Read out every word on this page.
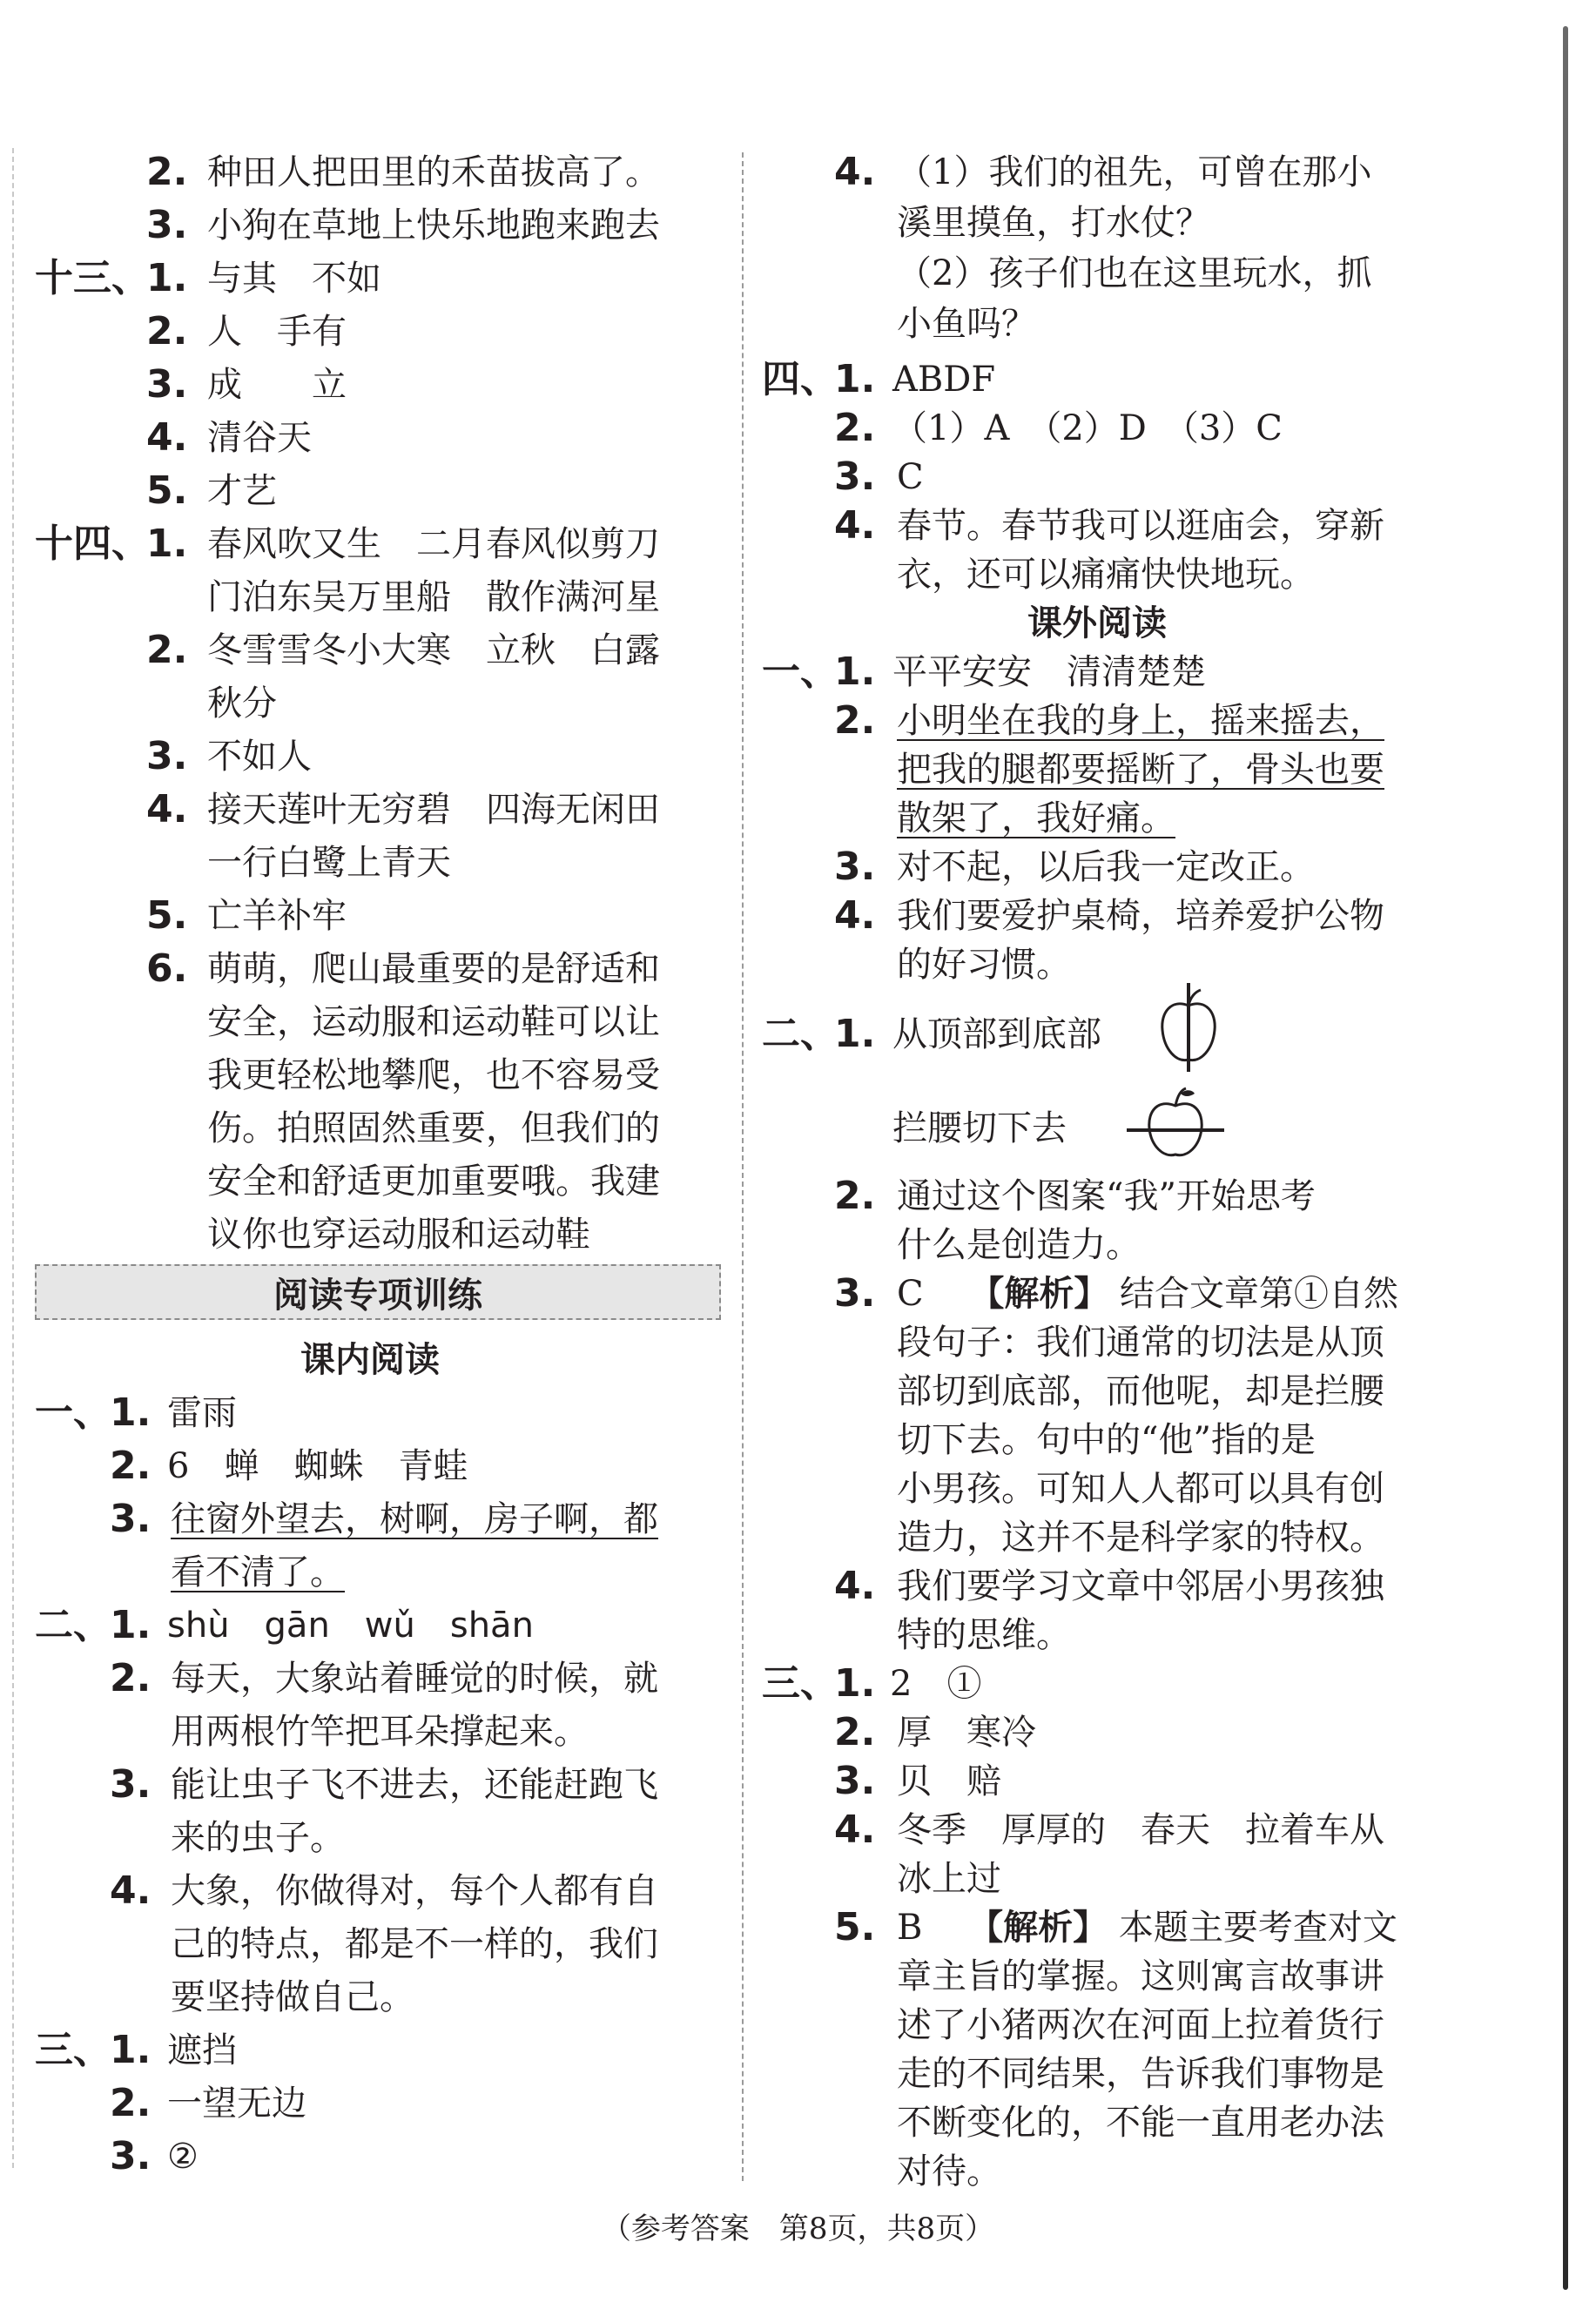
2. 种田人把田里的禾苗拔高了。
3. 小狗在草地上快乐地跑来跑去
十三、
1. 与其　不如
2. 人　手有
3. 成　　立
4. 清谷天
5. 才艺
十四、
1. 春风吹又生　二月春风似剪刀
门泊东吴万里船　散作满河星
2. 冬雪雪冬小大寒　立秋　白露
秋分
3. 不如人
4. 接天莲叶无穷碧　四海无闲田
一行白鹭上青天
5. 亡羊补牢
6. 萌萌，爬山最重要的是舒适和
安全，运动服和运动鞋可以让
我更轻松地攀爬，也不容易受
伤。拍照固然重要，但我们的
安全和舒适更加重要哦。我建
议你也穿运动服和运动鞋
阅读专项训练
课内阅读
一、
1. 雷雨
2. 6　蝉　蜘蛛　青蛙
3. 往窗外望去，树啊，房子啊，都
看不清了。
二、
1. shù　gān　wǔ　shān
2. 每天，大象站着睡觉的时候，就
用两根竹竿把耳朵撑起来。
3. 能让虫子飞不进去，还能赶跑飞
来的虫子。
4. 大象，你做得对，每个人都有自
己的特点，都是不一样的，我们
要坚持做自己。
三、
1. 遮挡
2. 一望无边
3. ②
4. （1）我们的祖先，可曾在那小
溪里摸鱼，打水仗？
（2）孩子们也在这里玩水，抓
小鱼吗？
四、
1. ABDF
2. （1）A　（2）D　（3）C
3. C
4. 春节。春节我可以逛庙会，穿新
衣，还可以痛痛快快地玩。
课外阅读
一、
1. 平平安安　清清楚楚
2. 小明坐在我的身上，摇来摇去，
把我的腿都要摇断了，骨头也要
散架了，我好痛。
3. 对不起，以后我一定改正。
4. 我们要爱护桌椅，培养爱护公物
的好习惯。
二、
1. 从顶部到底部
拦腰切下去
2. 通过这个图案“我”开始思考
什么是创造力。
3. C 【解析】 结合文章第①自然
段句子：我们通常的切法是从顶
部切到底部，而他呢，却是拦腰
切下去。句中的“他”指的是
小男孩。可知人人都可以具有创
造力，这并不是科学家的特权。
4. 我们要学习文章中邻居小男孩独
特的思维。
三、
1. 2　①
2. 厚　寒冷
3. 贝　赔
4. 冬季　厚厚的　春天　拉着车从
冰上过
5. B 【解析】 本题主要考查对文
章主旨的掌握。这则寓言故事讲
述了小猪两次在河面上拉着货行
走的不同结果，告诉我们事物是
不断变化的，不能一直用老办法
对待。
（参考答案　第8页，共8页）
